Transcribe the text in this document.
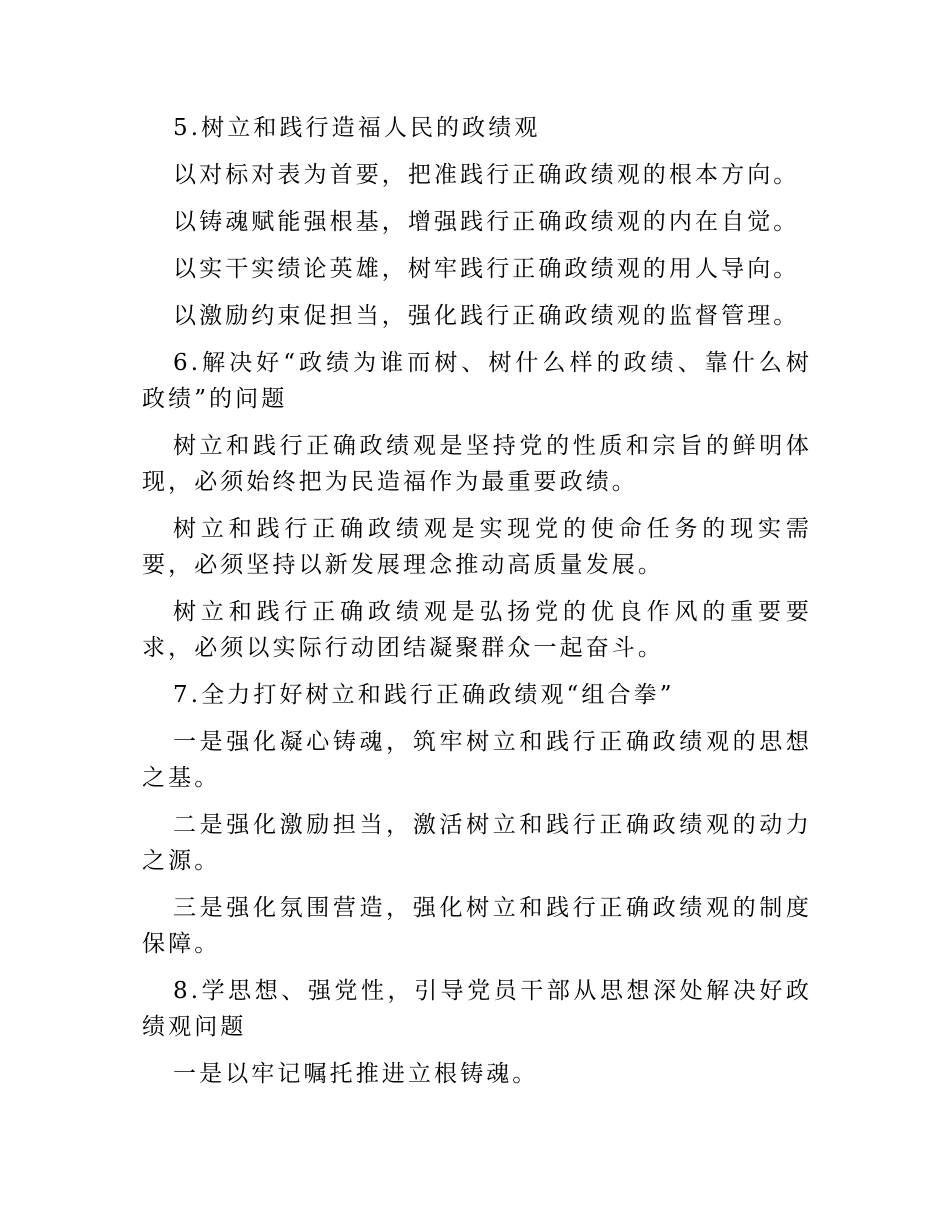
5.树立和践行造福人民的政绩观

以对标对表为首要，把准践行正确政绩观的根本方向。

以铸魂赋能强根基，增强践行正确政绩观的内在自觉。

以实干实绩论英雄，树牢践行正确政绩观的用人导向。

以激励约束促担当，强化践行正确政绩观的监督管理。

6.解决好“政绩为谁而树、树什么样的政绩、靠什么树政绩”的问题

树立和践行正确政绩观是坚持党的性质和宗旨的鲜明体现，必须始终把为民造福作为最重要政绩。

树立和践行正确政绩观是实现党的使命任务的现实需要，必须坚持以新发展理念推动高质量发展。

树立和践行正确政绩观是弘扬党的优良作风的重要要求，必须以实际行动团结凝聚群众一起奋斗。

7.全力打好树立和践行正确政绩观“组合拳”

一是强化凝心铸魂，筑牢树立和践行正确政绩观的思想之基。

二是强化激励担当，激活树立和践行正确政绩观的动力之源。

三是强化氛围营造，强化树立和践行正确政绩观的制度保障。

8.学思想、强党性，引导党员干部从思想深处解决好政绩观问题

一是以牢记嘱托推进立根铸魂。
